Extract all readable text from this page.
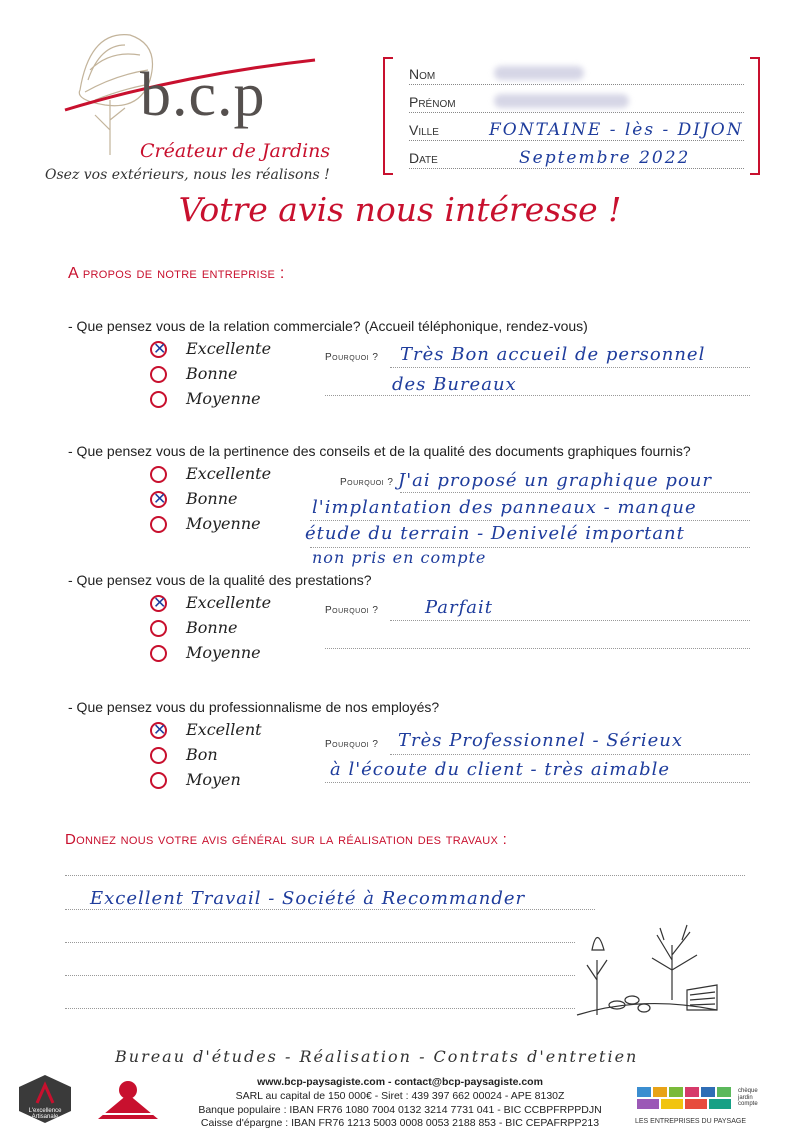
b.c.p
Créateur de Jardins
Osez vos extérieurs, nous les réalisons !
Nom
Prénom
Ville	FONTAINE - lès - DIJON
Date	Septembre 2022
Votre avis nous intéresse !
A propos de notre entreprise :
- Que pensez vous de la relation commerciale? (Accueil téléphonique, rendez-vous)
✕
Excellente
Bonne
Moyenne
Pourquoi ? Très Bon accueil de personnel
des Bureaux
- Que pensez vous de la pertinence des conseils et de la qualité des documents graphiques fournis?
Excellente
✕
Bonne
Moyenne
Pourquoi ? J'ai proposé un graphique pour
l'implantation des panneaux - manque
étude du terrain - Denivelé important
non pris en compte
- Que pensez vous de la qualité des prestations?
✕
Excellente
Bonne
Moyenne
Pourquoi ?	Parfait
- Que pensez vous du professionnalisme de nos employés?
✕
Excellent
Bon
Moyen
Pourquoi ? Très Professionnel - Sérieux
à l'écoute du client - très aimable
Donnez nous votre avis général sur la réalisation des travaux :
Excellent Travail - Société à Recommander
Bureau d'études - Réalisation - Contrats d'entretien
www.bcp-paysagiste.com - contact@bcp-paysagiste.com
SARL au capital de 150 000€ - Siret : 439 397 662 00024 - APE 8130Z
Banque populaire : IBAN FR76 1080 7004 0132 3214 7731 041 - BIC CCBPFRPPDJN
Caisse d'épargne : IBAN FR76 1213 5003 0008 0053 2188 853 - BIC CEPAFRPP213
L'excellence Artisanale
LES ENTREPRISES DU PAYSAGE
chèque jardin compte
